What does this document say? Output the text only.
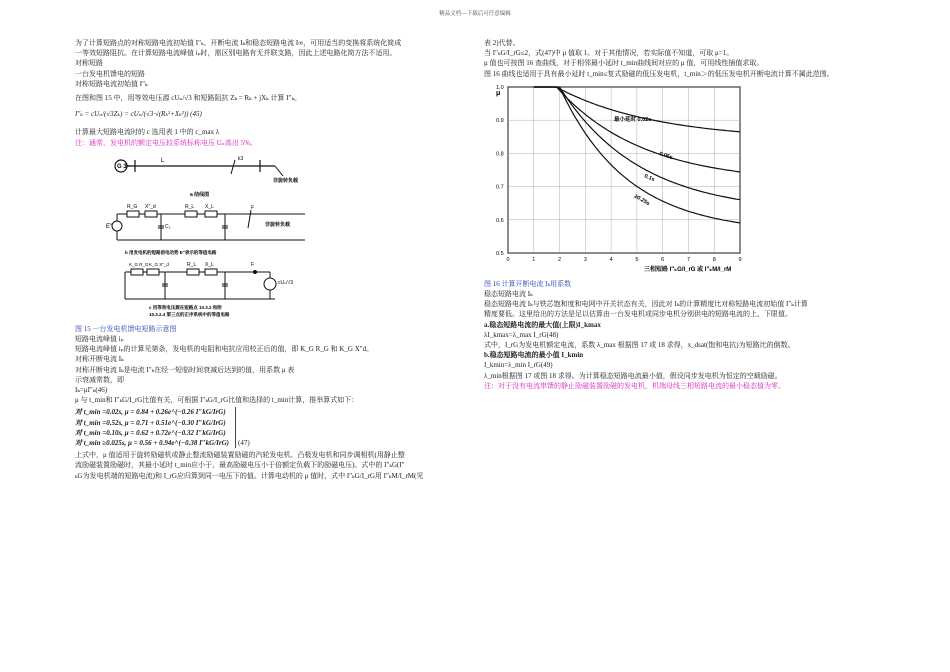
精品文档---下载后可任意编辑
为了计算短路点的对称短路电流初始值 I″ₖ、开断电流 Iₖ和稳态短路电流 I∞，可用适当的变换将系统化简成
一等效短路阻抗。在计算短路电流峰值 iₚ时，需区别电路有无并联支路，因此上述电路化简方法不适用。
对称短路
一台发电机馈电的短路
对称短路电流初始值 I″ₖ
在图和图 15 中，用等效电压源 cUₙ/√3 和短路阻抗 Zₖ = Rₖ + jXₖ 计算 I″ₖ。
I″ₖ = cUₙ/(√3Zₖ) = cUₙ/(√3·√(Rₖ²+Xₖ²)) (45)
计算最大短路电流时的 c 选用表 1 中的 c_max λ
注：通常，发电机的额定电压较系统标称电压 Uₙ高出 5%。
G 3~
L	k3
非旋转负载
a 结线图
E″
R_G X″_d
C₁
R_L X_L	F
非旋转负载
b 用发电机的短路前电动势 E″表示的等值电路
K_G R_G K_G X″_d	R_L X_L	F
cUₙ/√3
c 用等效电压源在短路点 10.3.2 和附
10.3.2.4 第三点的正序系统中的等值电路
图 15 一台发电机馈电短路示意图
短路电流峰值 iₚ
短路电流峰值 iₚ的计算见第条，发电机的电阻和电抗应用校正后的值，即 K_G R_G 和 K_G X″d。
对称开断电流 Iₖ
对称开断电流 Iₖ是电流 I″ₖ在经一短临时间衰减后达到的值，用系数 μ 表
示衰减常数，即
Iₖ=μI″ₖ(46)
μ 与 t_min和 I″ₖG/I_rG比值有关，可根据 I″ₖG/I_rG比值和选择的 t_min计算，推举算式如下：
对 t_min =0.02s, μ = 0.84 + 0.26e^(−0.26 I″kG/IrG)
对 t_min =0.52s, μ = 0.71 + 0.51e^(−0.30 I″kG/IrG)
对 t_min =0.10s, μ = 0.62 + 0.72e^(−0.32 I″kG/IrG)
对 t_min ≥0.025s, μ = 0.56 + 0.94e^(−0.38 I″kG/IrG) (47)
上式中，μ 值适用于旋转励磁机或静止整流励磁装置励磁的汽轮发电机、凸极发电机和同步调相机(用静止整
流励磁装置励磁时，其最小延时 t_min应小于，最高励磁电压小于倍额定负载下的励磁电压)。式中的 I″ₖG(I″
ₖG为发电机端的短路电流)和 I_rG应归算到同一电压下的值。计算电动机的 μ 值时，式中 I″ₖG/I_rG用 I″ₖM/I_rM(见
表 2)代替。
当 I″ₖG/I_rG≤2，式(47)中 μ 值取 1。对于其他情况，若实际值不知道，可取 μ=1。
μ 值也可按图 16 查曲线，对于相邻最小延时 t_min曲线间对应的 μ 值，可用线性插值求取。
图 16 曲线也适用于具有最小延时 t_min≤复式励磁的低压发电机，t_min＞的低压发电机开断电流计算不属此范围。
μ
1.0
0.9
0.8
0.7
0.6
0.5
0	1	2	3	4	5	6	7	8	9
最小延时 0.02s
0.05s
0.1s
≥0.25s
三相短路 I″ₖG/I_rG 或 I″ₖM/I_rM
图 16 计算开断电流 Iₖ用系数
稳态短路电流 Iₖ
稳态短路电流 Iₖ与铁芯饱和度和电网中开关状态有关，因此对 Iₖ的计算精度比对称短路电流初始值 I″ₖ计算
精度要低。这里给出的方法是足以估算由一台发电机或同步电机分别供电的短路电流的上、下限值。
a.稳态短路电流的最大值(上限)I_kmax
λI_kmax=λ_max I_rG(48)
式中，I_rG为发电机额定电流，系数 λ_max 根据图 17 或 18 求得，x_dsat(饱和电抗)为短路比的倒数。
b.稳态短路电流的最小值 I_kmin
I_kmin=λ_min I_rG(49)
λ_min根据图 17 或图 18 求得。为计算稳态短路电流最小值，假设同步发电机为恒定的空载励磁。
注：对于没有电流串馈的静止励磁装置励磁的发电机，机端母线三相短路电流的最小稳态值为零。
